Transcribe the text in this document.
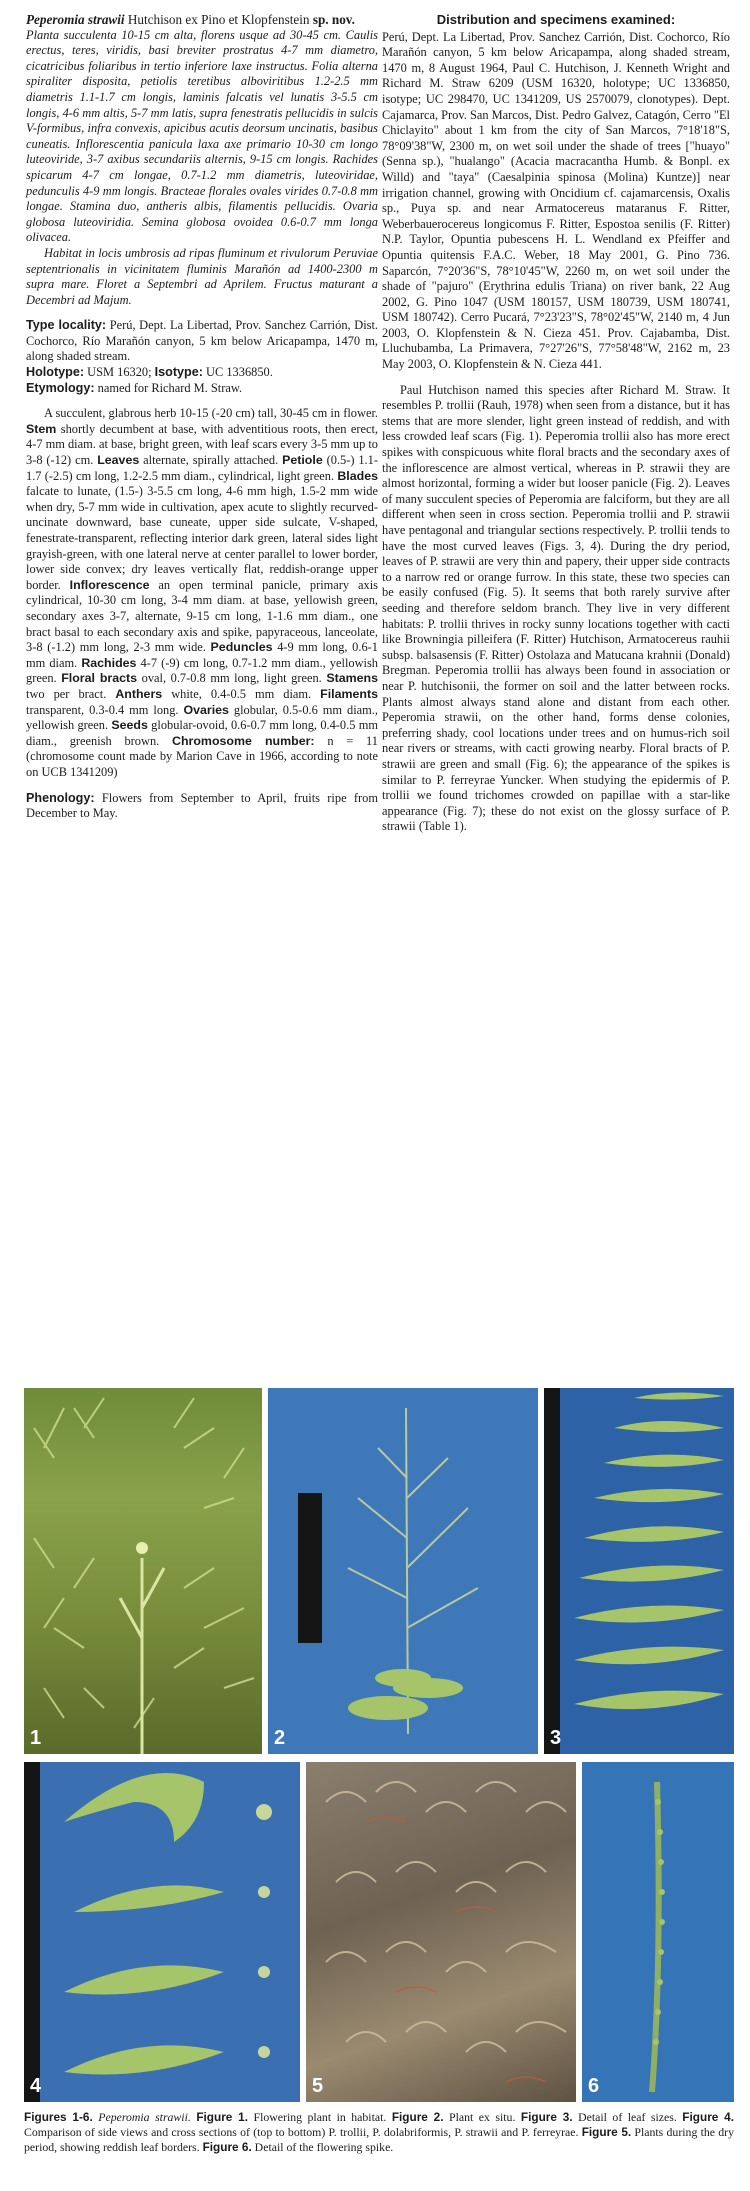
Peperomia strawii Hutchison ex Pino et Klopfenstein sp. nov.

Planta succulenta 10-15 cm alta, florens usque ad 30-45 cm. Caulis erectus, teres, viridis, basi breviter prostratus 4-7 mm diametro, cicatricibus foliaribus in tertio inferiore laxe instructus. Folia alterna spiraliter disposita, petiolis teretibus alboviritibus 1.2-2.5 mm diametris 1.1-1.7 cm longis, laminis falcatis vel lunatis 3-5.5 cm longis, 4-6 mm altis, 5-7 mm latis, supra fenestratis pellucidis in sulcis V-formibus, infra convexis, apicibus acutis deorsum uncinatis, basibus cuneatis. Inflorescentia panicula laxa axe primario 10-30 cm longo luteoviride, 3-7 axibus secundariis alternis, 9-15 cm longis. Rachides spicarum 4-7 cm longae, 0.7-1.2 mm diametris, luteoviridae, pedunculis 4-9 mm longis. Bracteae florales ovales virides 0.7-0.8 mm longae. Stamina duo, antheris albis, filamentis pellucidis. Ovaria globosa luteoviridia. Semina globosa ovoidea 0.6-0.7 mm longa olivacea.

Habitat in locis umbrosis ad ripas fluminum et rivulorum Peruviae septentrionalis in vicinitatem fluminis Marañón ad 1400-2300 m supra mare. Floret a Septembri ad Aprilem. Fructus maturant a Decembri ad Majum.

Type locality: Perú, Dept. La Libertad, Prov. Sanchez Carrión, Dist. Cochorco, Río Marañón canyon, 5 km below Aricapampa, 1470 m, along shaded stream.

Holotype: USM 16320; Isotype: UC 1336850.

Etymology: named for Richard M. Straw.

A succulent, glabrous herb 10-15 (-20 cm) tall, 30-45 cm in flower. Stem shortly decumbent at base, with adventitious roots, then erect, 4-7 mm diam. at base, bright green, with leaf scars every 3-5 mm up to 3-8 (-12) cm. Leaves alternate, spirally attached. Petiole (0.5-) 1.1-1.7 (-2.5) cm long, 1.2-2.5 mm diam., cylindrical, light green. Blades falcate to lunate, (1.5-) 3-5.5 cm long, 4-6 mm high, 1.5-2 mm wide when dry, 5-7 mm wide in cultivation, apex acute to slightly recurved-uncinate downward, base cuneate, upper side sulcate, V-shaped, fenestrate-transparent, reflecting interior dark green, lateral sides light grayish-green, with one lateral nerve at center parallel to lower border, lower side convex; dry leaves vertically flat, reddish-orange upper border. Inflorescence an open terminal panicle, primary axis cylindrical, 10-30 cm long, 3-4 mm diam. at base, yellowish green, secondary axes 3-7, alternate, 9-15 cm long, 1-1.6 mm diam., one bract basal to each secondary axis and spike, papyraceous, lanceolate, 3-8 (-1.2) mm long, 2-3 mm wide. Peduncles 4-9 mm long, 0.6-1 mm diam. Rachides 4-7 (-9) cm long, 0.7-1.2 mm diam., yellowish green. Floral bracts oval, 0.7-0.8 mm long, light green. Stamens two per bract. Anthers white, 0.4-0.5 mm diam. Filaments transparent, 0.3-0.4 mm long. Ovaries globular, 0.5-0.6 mm diam., yellowish green. Seeds globular-ovoid, 0.6-0.7 mm long, 0.4-0.5 mm diam., greenish brown. Chromosome number: n = 11 (chromosome count made by Marion Cave in 1966, according to note on UCB 1341209)

Phenology: Flowers from September to April, fruits ripe from December to May.

Distribution and specimens examined:

Perú, Dept. La Libertad, Prov. Sanchez Carrión, Dist. Cochorco, Río Marañón canyon, 5 km below Aricapampa, along shaded stream, 1470 m, 8 August 1964, Paul C. Hutchison, J. Kenneth Wright and Richard M. Straw 6209 (USM 16320, holotype; UC 1336850, isotype; UC 298470, UC 1341209, US 2570079, clonotypes). Dept. Cajamarca, Prov. San Marcos, Dist. Pedro Galvez, Catagón, Cerro "El Chiclayito" about 1 km from the city of San Marcos, 7°18'18"S, 78°09'38"W, 2300 m, on wet soil under the shade of trees ["huayo" (Senna sp.), "hualango" (Acacia macracantha Humb. & Bonpl. ex Willd) and "taya" (Caesalpinia spinosa (Molina) Kuntze)] near irrigation channel, growing with Oncidium cf. cajamarcensis, Oxalis sp., Puya sp. and near Armatocereus mataranus F. Ritter, Weberbauerocereus longicomus F. Ritter, Espostoa senilis (F. Ritter) N.P. Taylor, Opuntia pubescens H. L. Wendland ex Pfeiffer and Opuntia quitensis F.A.C. Weber, 18 May 2001, G. Pino 736. Saparcón, 7°20'36"S, 78°10'45"W, 2260 m, on wet soil under the shade of "pajuro" (Erythrina edulis Triana) on river bank, 22 Aug 2002, G. Pino 1047 (USM 180157, USM 180739, USM 180741, USM 180742). Cerro Pucará, 7°23'23"S, 78°02'45"W, 2140 m, 4 Jun 2003, O. Klopfenstein & N. Cieza 451. Prov. Cajabamba, Dist. Lluchubamba, La Primavera, 7°27'26"S, 77°58'48"W, 2162 m, 23 May 2003, O. Klopfenstein & N. Cieza 441.

Paul Hutchison named this species after Richard M. Straw. It resembles P. trollii (Rauh, 1978) when seen from a distance, but it has stems that are more slender, light green instead of reddish, and with less crowded leaf scars (Fig. 1). Peperomia trollii also has more erect spikes with conspicuous white floral bracts and the secondary axes of the inflorescence are almost vertical, whereas in P. strawii they are almost horizontal, forming a wider but looser panicle (Fig. 2). Leaves of many succulent species of Peperomia are falciform, but they are all different when seen in cross section. Peperomia trollii and P. strawii have pentagonal and triangular sections respectively. P. trollii tends to have the most curved leaves (Figs. 3, 4). During the dry period, leaves of P. strawii are very thin and papery, their upper side contracts to a narrow red or orange furrow. In this state, these two species can be easily confused (Fig. 5). It seems that both rarely survive after seeding and therefore seldom branch. They live in very different habitats: P. trollii thrives in rocky sunny locations together with cacti like Browningia pilleifera (F. Ritter) Hutchison, Armatocereus rauhii subsp. balsasensis (F. Ritter) Ostolaza and Matucana krahnii (Donald) Bregman. Peperomia trollii has always been found in association or near P. hutchisonii, the former on soil and the latter between rocks. Plants almost always stand alone and distant from each other. Peperomia strawii, on the other hand, forms dense colonies, preferring shady, cool locations under trees and on humus-rich soil near rivers or streams, with cacti growing nearby. Floral bracts of P. strawii are green and small (Fig. 6); the appearance of the spikes is similar to P. ferreyrae Yuncker. When studying the epidermis of P. trollii we found trichomes crowded on papillae with a star-like appearance (Fig. 7); these do not exist on the glossy surface of P. strawii (Table 1).

1	2	3
4	5	6
Figures 1-6. Peperomia strawii. Figure 1. Flowering plant in habitat. Figure 2. Plant ex situ. Figure 3. Detail of leaf sizes. Figure 4. Comparison of side views and cross sections of (top to bottom) P. trollii, P. dolabriformis, P. strawii and P. ferreyrae. Figure 5. Plants during the dry period, showing reddish leaf borders. Figure 6. Detail of the flowering spike.
